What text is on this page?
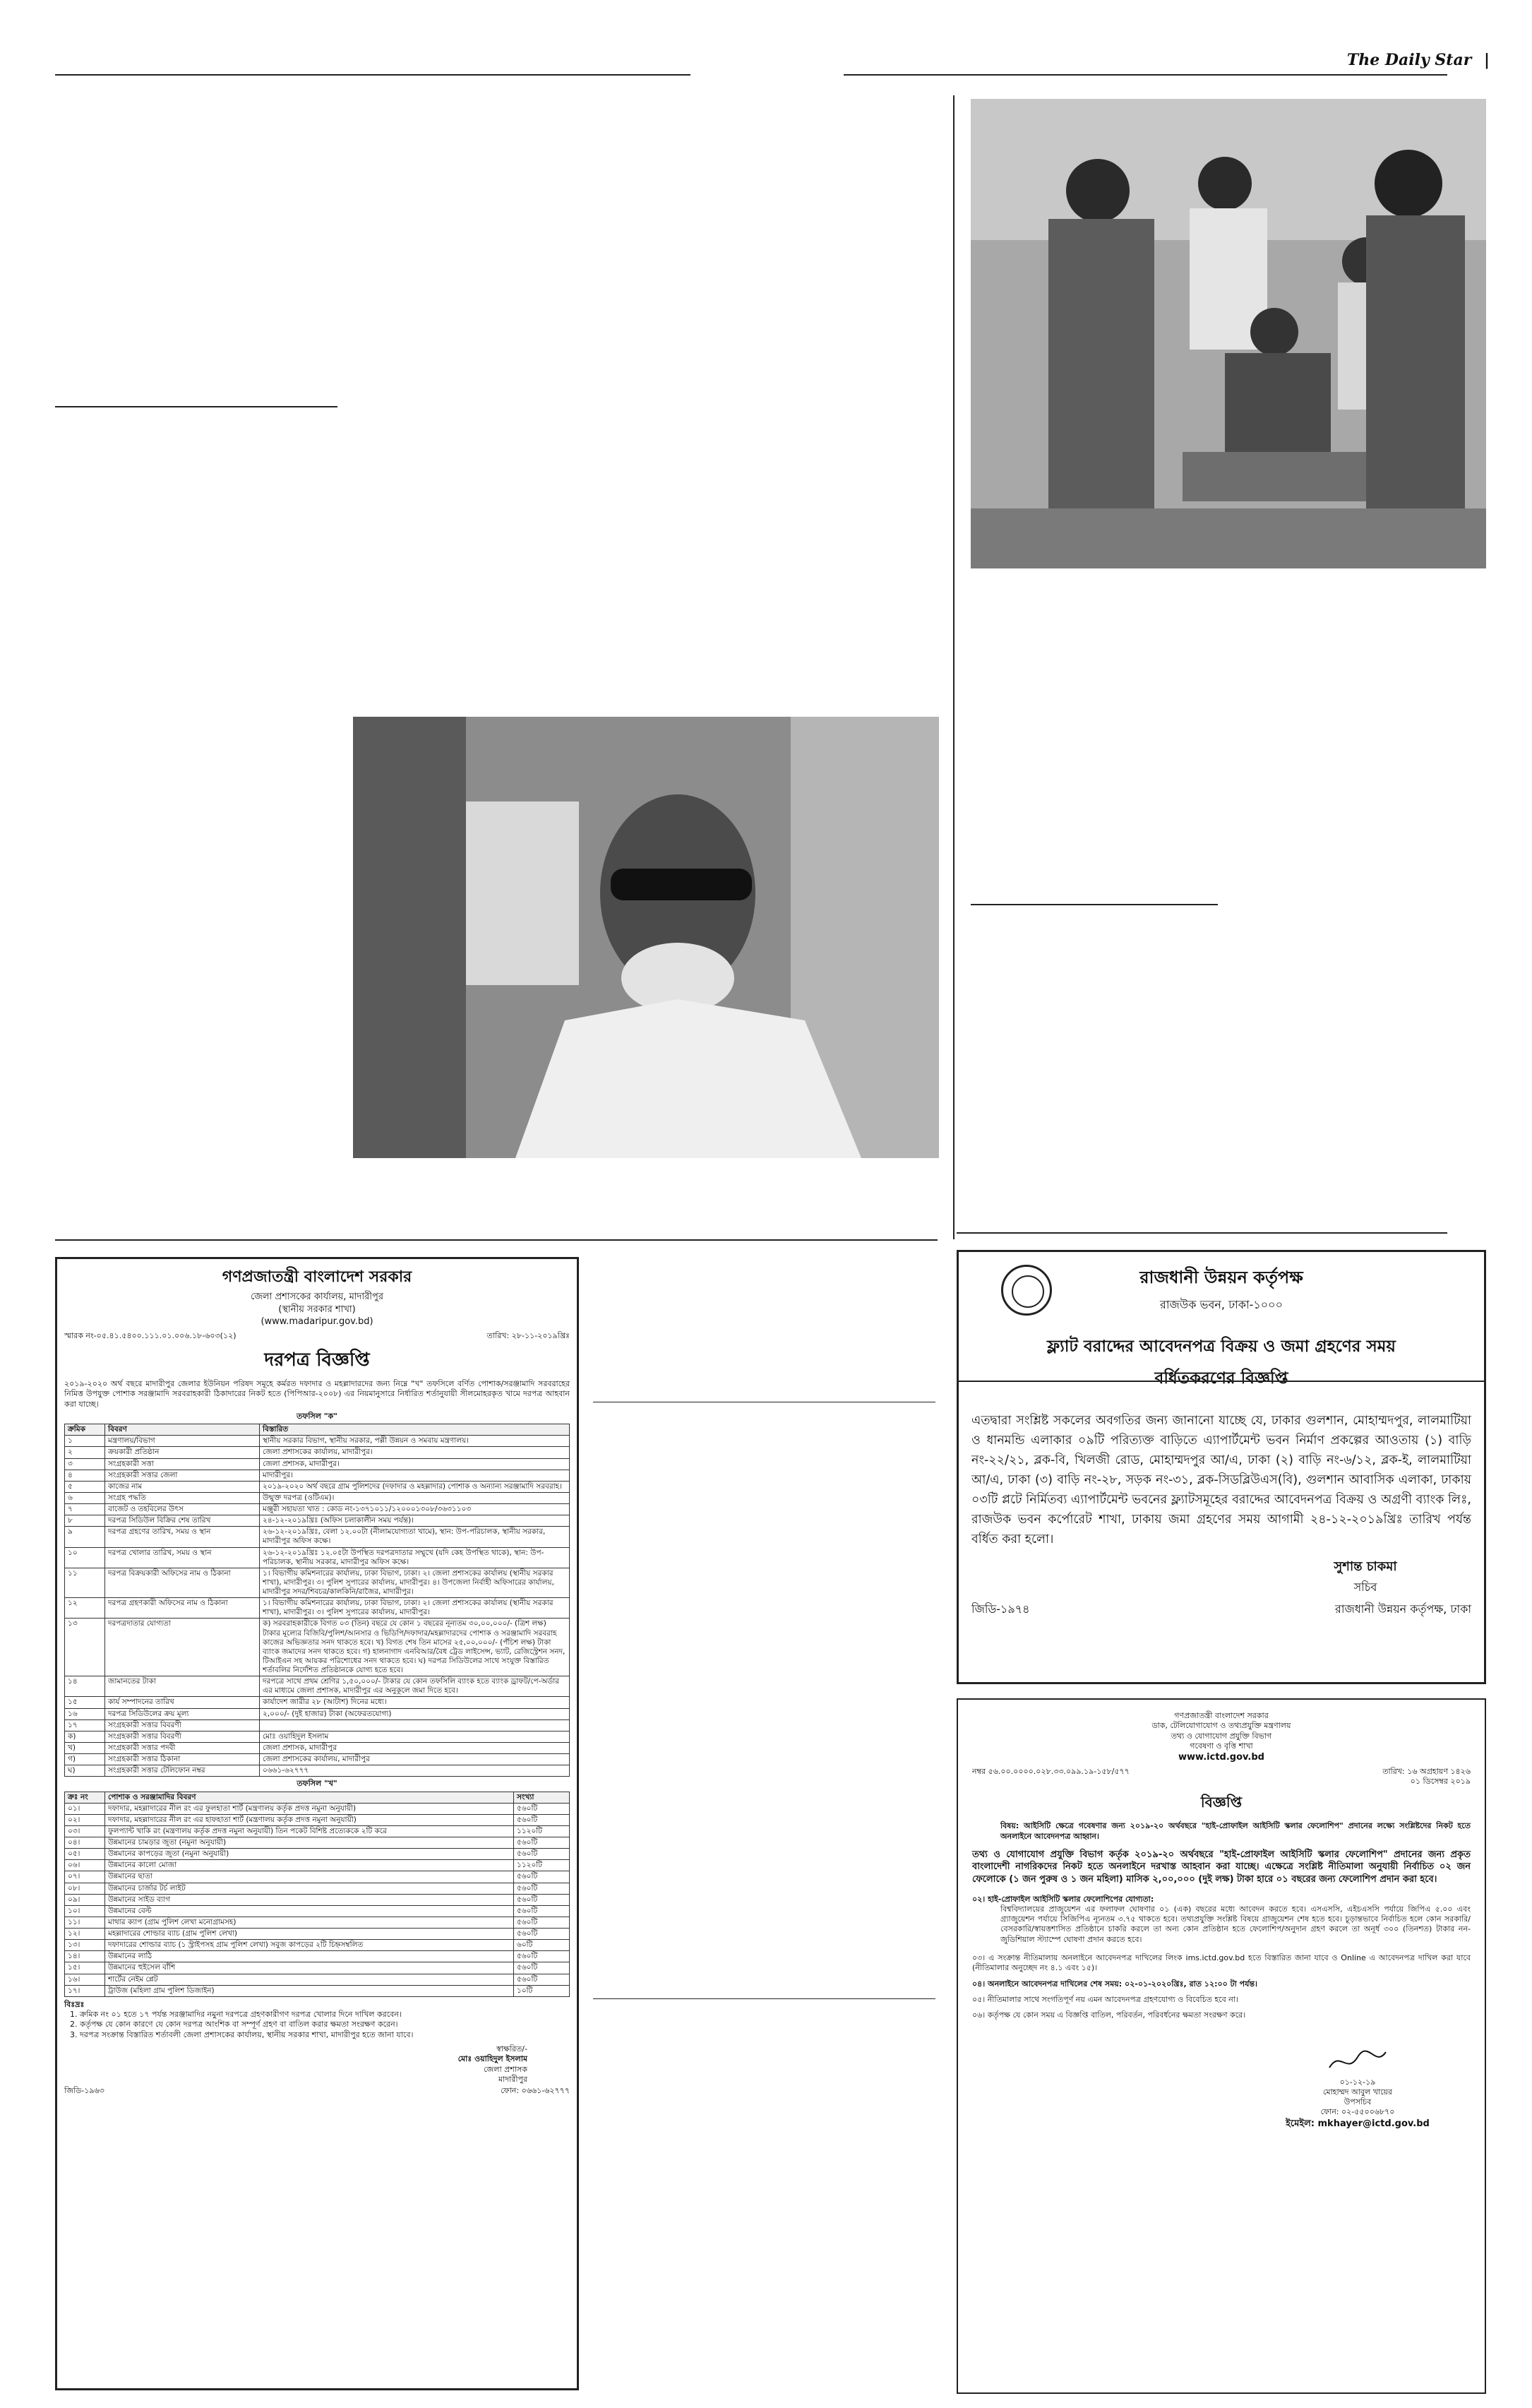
The Daily Star |
গণপ্রজাতন্ত্রী বাংলাদেশ সরকার
জেলা প্রশাসকের কার্যালয়, মাদারীপুর
(স্থানীয় সরকার শাখা)
(www.madaripur.gov.bd)
স্মারক নং-০৫.৪১.৫৪০০.১১১.০১.০০৬.১৮-৬০৩(১২)	তারিখ: ২৮-১১-২০১৯খ্রিঃ
দরপত্র বিজ্ঞপ্তি
২০১৯-২০২০ অর্থ বছরে মাদারীপুর জেলার ইউনিয়ন পরিষদ সমূহে কর্মরত দফাদার ও মহল্লাদারদের জন্য নিম্নে "খ" তফসিলে বর্ণিত পোশাক/সরঞ্জামাদি সরবরাহের নিমিত্ত উপযুক্ত পোশাক সরঞ্জামাদি সরবরাহকারী ঠিকাদারের নিকট হতে (পিপিআর-২০০৮) এর নিয়মানুসারে নির্ধারিত শর্তানুযায়ী সীলমোহরকৃত খামে দরপত্র আহবান করা যাচ্ছে।
তফসিল "ক"
ক্রমিক	বিবরণ	বিস্তারিত
১	মন্ত্রণালয়/বিভাগ	স্থানীয় সরকার বিভাগ, স্থানীয় সরকার, পল্লী উন্নয়ন ও সমবায় মন্ত্রণালয়।
২	ক্রয়কারী প্রতিষ্ঠান	জেলা প্রশাসকের কার্যালয়, মাদারীপুর।
৩	সংগ্রহকারী সত্তা	জেলা প্রশাসক, মাদারীপুর।
৪	সংগ্রহকারী সত্তার জেলা	মাদারীপুর।
৫	কাজের নাম	২০১৯-২০২০ অর্থ বছরে গ্রাম পুলিশদের (দফাদার ও মহল্লাদার) পোশাক ও অন্যান্য সরঞ্জামাদি সরবরাহ।
৬	সংগ্রহ পদ্ধতি	উন্মুক্ত দরপত্র (ওটিএম)।
৭	বাজেট ও তহবিলের উৎস	মঞ্জুরী সহায়তা খাত : কোড নং-১৩৭১০১১/১২০০০১৩০৮/৩৬৩১১০৩
৮	দরপত্র সিডিউল বিক্রির শেষ তারিখ	২৪-১২-২০১৯খ্রিঃ (অফিস চলাকালীন সময় পর্যন্ত)।
৯	দরপত্র গ্রহণের তারিখ, সময় ও স্থান	২৬-১২-২০১৯খ্রিঃ, বেলা ১২.০০টা (নীলামযোগ্যতা খামে), স্থান: উপ-পরিচালক, স্থানীয় সরকার, মাদারীপুর অফিস কক্ষে।
১০	দরপত্র খোলার তারিখ, সময় ও স্থান	২৬-১২-২০১৯খ্রিঃ ১২.০৫টা উপস্থিত দরপত্রদাতার সম্মুখে (যদি কেহ উপস্থিত থাকে), স্থান: উপ-পরিচালক, স্থানীয় সরকার, মাদারীপুর অফিস কক্ষে।
১১	দরপত্র বিক্রয়কারী অফিসের নাম ও ঠিকানা	১। বিভাগীয় কমিশনারের কার্যালয়, ঢাকা বিভাগ, ঢাকা। ২। জেলা প্রশাসকের কার্যালয় (স্থানীয় সরকার শাখা), মাদারীপুর। ৩। পুলিশ সুপারের কার্যালয়, মাদারীপুর। ৪। উপজেলা নির্বাহী অফিসারের কার্যালয়, মাদারীপুর সদর/শিবচর/কালকিনি/রাজৈর, মাদারীপুর।
১২	দরপত্র গ্রহণকারী অফিসের নাম ও ঠিকানা	১। বিভাগীয় কমিশনারের কার্যালয়, ঢাকা বিভাগ, ঢাকা। ২। জেলা প্রশাসকের কার্যালয় (স্থানীয় সরকার শাখা), মাদারীপুর। ৩। পুলিশ সুপারের কার্যালয়, মাদারীপুর।
১৩	দরপত্রদাতার যোগ্যতা	ক) সরবরাহকারীকে বিগত ০৩ (তিন) বছরে যে কোন ১ বছরের নূন্যতম ৩০,০০,০০০/- (ত্রিশ লক্ষ) টাকার মূল্যের বিজিবি/পুলিশ/আনসার ও ভিডিপি/দফাদার/মহল্লাদারদের পোশাক ও সরঞ্জামাদি সরবরাহ কাজের অভিজ্ঞতার সনদ থাকতে হবে। খ) বিগত শেষ তিন মাসের ২৫,০০,০০০/- (পঁচিশ লক্ষ) টাকা ব্যাংক জমাদের সনদ থাকতে হবে। গ) হালনাগাদ এনবিআর/বৈধ ট্রেড লাইসেন্স, ভ্যাট, রেজিস্ট্রেশন সনদ, টিআইএন সহ আয়কর পরিশোধের সনদ থাকতে হবে। ঘ) দরপত্র সিডিউলের সাথে সংযুক্ত বিস্তারিত শর্তাবলির নির্দেশিত প্রতিষ্ঠানকে যোগ্য হতে হবে।
১৪	জামানতের টাকা	দরপত্রে সাথে প্রথম শ্রেণির ১,৫০,০০০/- টাকার যে কোন তফসিলি ব্যাংক হতে ব্যাংক ড্রাফট/পে-অর্ডার এর মাধ্যমে জেলা প্রশাসক, মাদারীপুর এর অনুকূলে জমা দিতে হবে।
১৫	কার্য সম্পাদনের তারিখ	কার্যাদেশ জারীর ২৮ (আটাশ) দিনের মধ্যে।
১৬	দরপত্র সিডিউলের ক্রয় মূল্য	২,০০০/- (দুই হাজার) টাকা (অফেরতযোগ্য)
১৭	সংগ্রহকারী সত্তার বিবরণী	
ক)	সংগ্রহকারী সত্তার বিবরণী	মোঃ ওয়াহিদুল ইসলাম
খ)	সংগ্রহকারী সত্তার পদবী	জেলা প্রশাসক, মাদারীপুর
গ)	সংগ্রহকারী সত্তার ঠিকানা	জেলা প্রশাসকের কার্যালয়, মাদারীপুর
ঘ)	সংগ্রহকারী সত্তার টেলিফোন নম্বর	০৬৬১-৬২৭৭৭
তফসিল "খ"
ক্রঃ নং	পোশাক ও সরঞ্জামাদির বিবরণ	সংখ্যা
০১।	দফাদার, মহল্লাদারের নীল রং এর ফুলহাতা শার্ট (মন্ত্রণালয় কর্তৃক প্রদত্ত নমুনা অনুযায়ী)	৫৬০টি
০২।	দফাদার, মহল্লাদারের নীল রং এর হাফহাতা শার্ট (মন্ত্রণালয় কর্তৃক প্রদত্ত নমুনা অনুযায়ী)	৫৬০টি
০৩।	ফুলপ্যান্ট খাকি রং (মন্ত্রণালয় কর্তৃক প্রদত্ত নমুনা অনুযায়ী) তিন পকেট বিশিষ্ট প্রত্যেককে ২টি করে	১১২০টি
০৪।	উন্নমানের চামড়ার জুতা (নমুনা অনুযায়ী)	৫৬০টি
০৫।	উন্নমানের কাপড়ের জুতা (নমুনা অনুযায়ী)	৫৬০টি
০৬।	উন্নমানের কালো মোজা	১১২০টি
০৭।	উন্নমানের ছাতা	৫৬০টি
০৮।	উন্নমানের চার্জার টর্চ লাইট	৫৬০টি
০৯।	উন্নমানের সাইড ব্যাগ	৫৬০টি
১০।	উন্নমানের বেল্ট	৫৬০টি
১১।	মাথার ক্যাপ (গ্রাম পুলিশ লেখা মনোগ্রামসহ)	৫৬০টি
১২।	মহল্লাদারের শোল্ডার ব্যাচ (গ্রাম পুলিশ লেখা)	৫৬০টি
১৩।	দফাদারের শোল্ডার ব্যাচ (১ স্ট্রাইপসহ গ্রাম পুলিশ লেখা) সবুজ কাপড়ের ২টি চিহ্নসম্বলিত	৬০টি
১৪।	উন্নমানের লাঠি	৫৬০টি
১৫।	উন্নমানের হুইসেল বাঁশি	৫৬০টি
১৬।	শার্টের নেইম প্লেট	৫৬০টি
১৭।	ট্রাউজ (মহিলা গ্রাম পুলিশ ডিজাইন)	১০টি
বিঃদ্রঃ
1. ক্রমিক নং ০১ হতে ১৭ পর্যন্ত সরঞ্জামাদির নমুনা দরপত্রে গ্রহণকারীগণ দরপত্র খোলার দিনে দাখিল করবেন।
2. কর্তৃপক্ষ যে কোন কারণে যে কোন দরপত্র আংশিক বা সম্পূর্ণ গ্রহণ বা বাতিল করার ক্ষমতা সংরক্ষণ করেন।
3. দরপত্র সংক্রান্ত বিস্তারিত শর্তাবলী জেলা প্রশাসকের কার্যালয়, স্থানীয় সরকার শাখা, মাদারীপুর হতে জানা যাবে।
স্বাক্ষরিত/-
মোঃ ওয়াহিদুল ইসলাম
জেলা প্রশাসক
মাদারীপুর
জিডি-১৯৬৩	ফোন: ০৬৬১-৬২৭৭৭
রাজধানী উন্নয়ন কর্তৃপক্ষ
রাজউক ভবন, ঢাকা-১০০০
ফ্ল্যাট বরাদ্দের আবেদনপত্র বিক্রয় ও জমা গ্রহণের সময়
বর্ধিতকরণের বিজ্ঞপ্তি
এতদ্বারা সংশ্লিষ্ট সকলের অবগতির জন্য জানানো যাচ্ছে যে, ঢাকার গুলশান, মোহাম্মদপুর, লালমাটিয়া ও ধানমন্ডি এলাকার ০৯টি পরিত্যক্ত বাড়িতে এ্যাপার্টমেন্ট ভবন নির্মাণ প্রকল্পের আওতায় (১) বাড়ি নং-২২/২১, ব্লক-বি, খিলজী রোড, মোহাম্মদপুর আ/এ, ঢাকা (২) বাড়ি নং-৬/১২, ব্লক-ই, লালমাটিয়া আ/এ, ঢাকা (৩) বাড়ি নং-২৮, সড়ক নং-৩১, ব্লক-সিডব্লিউএস(বি), গুলশান আবাসিক এলাকা, ঢাকায় ০৩টি প্লটে নির্মিতব্য এ্যাপার্টমেন্ট ভবনের ফ্ল্যাটসমূহের বরাদ্দের আবেদনপত্র বিক্রয় ও অগ্রণী ব্যাংক লিঃ, রাজউক ভবন কর্পোরেট শাখা, ঢাকায় জমা গ্রহণের সময় আগামী ২৪-১২-২০১৯খ্রিঃ তারিখ পর্যন্ত বর্ধিত করা হলো।
সুশান্ত চাকমা
সচিব
জিডি-১৯৭৪	রাজধানী উন্নয়ন কর্তৃপক্ষ, ঢাকা
গণপ্রজাতন্ত্রী বাংলাদেশ সরকার
ডাক, টেলিযোগাযোগ ও তথ্যপ্রযুক্তি মন্ত্রণালয়
তথ্য ও যোগাযোগ প্রযুক্তি বিভাগ
গবেষণা ও বৃত্তি শাখা
www.ictd.gov.bd
নম্বর ৫৬.০০.০০০০.০২৮.৩৩.০৯৯.১৯-১৫৮/৫৭৭	তারিখ: ১৬ অগ্রহায়ণ ১৪২৬
০১ ডিসেম্বর ২০১৯
বিজ্ঞপ্তি
বিষয়: আইসিটি ক্ষেত্রে গবেষণার জন্য ২০১৯-২০ অর্থবছরে "হাই-প্রোফাইল আইসিটি স্কলার ফেলোশিপ" প্রদানের লক্ষ্যে সংশ্লিষ্টদের নিকট হতে অনলাইনে আবেদনপত্র আহ্বান।
তথ্য ও যোগাযোগ প্রযুক্তি বিভাগ কর্তৃক ২০১৯-২০ অর্থবছরে "হাই-প্রোফাইল আইসিটি স্কলার ফেলোশিপ" প্রদানের জন্য প্রকৃত বাংলাদেশী নাগরিকদের নিকট হতে অনলাইনে দরখাস্ত আহবান করা যাচ্ছে। এক্ষেত্রে সংশ্লিষ্ট নীতিমালা অনুযায়ী নির্বাচিত ০২ জন ফেলোকে (১ জন পুরুষ ও ১ জন মহিলা) মাসিক ২,০০,০০০ (দুই লক্ষ) টাকা হারে ০১ বছরের জন্য ফেলোশিপ প্রদান করা হবে।
০২। হাই-প্রোফাইল আইসিটি স্কলার ফেলোশিপের যোগ্যতা:
বিশ্ববিদ্যালয়ের প্রাজুয়েশন এর ফলাফল ঘোষণার ০১ (এক) বছরের মধ্যে আবেদন করতে হবে। এসএসসি, এইচএসসি পর্যায়ে জিপিএ ৫.০০ এবং গ্র্যাজুয়েশন পর্যায়ে সিজিপিএ ন্যূনতম ৩.৭৫ থাকতে হবে। তথ্যপ্রযুক্তি সংশ্লিষ্ট বিষয়ে গ্রাজুয়েশন শেষ হতে হবে। চূড়ান্তভাবে নির্বাচিত হলে কোন সরকারি/বেসরকারি/স্বায়ত্তশাসিত প্রতিষ্ঠানে চাকরি করলে তা অন্য কোন প্রতিষ্ঠান হতে ফেলোশিপ/অনুদান গ্রহণ করলে তা অনূর্ধ ৩০০ (তিনশত) টাকার নন-জুডিশিয়াল স্ট্যাম্পে ঘোষণা প্রদান করতে হবে।
০৩। এ সংক্রান্ত নীতিমালায় অনলাইনে আবেদনপত্র দাখিলের লিংক ims.ictd.gov.bd হতে বিস্তারিত জানা যাবে ও Online এ আবেদনপত্র দাখিল করা যাবে (নীতিমালার অনুচ্ছেদ নং ৪.১ এবং ১৫)।
০৪। অনলাইনে আবেদনপত্র দাখিলের শেষ সময়: ০২-০১-২০২০খ্রিঃ, রাত ১২:০০ টা পর্যন্ত।
০৫। নীতিমালার সাথে সংগতিপূর্ণ নয় এমন আবেদনপত্র গ্রহণযোগ্য ও বিবেচিত হবে না।
০৬। কর্তৃপক্ষ যে কোন সময় এ বিজ্ঞপ্তি বাতিল, পরিবর্তন, পরিবর্ধনের ক্ষমতা সংরক্ষণ করে।
০১-১২-১৯
মোহাম্মদ আবুল খায়ের
উপসচিব
ফোন: ০২-৫৫০০৬৮৭০
ইমেইল: mkhayer@ictd.gov.bd
